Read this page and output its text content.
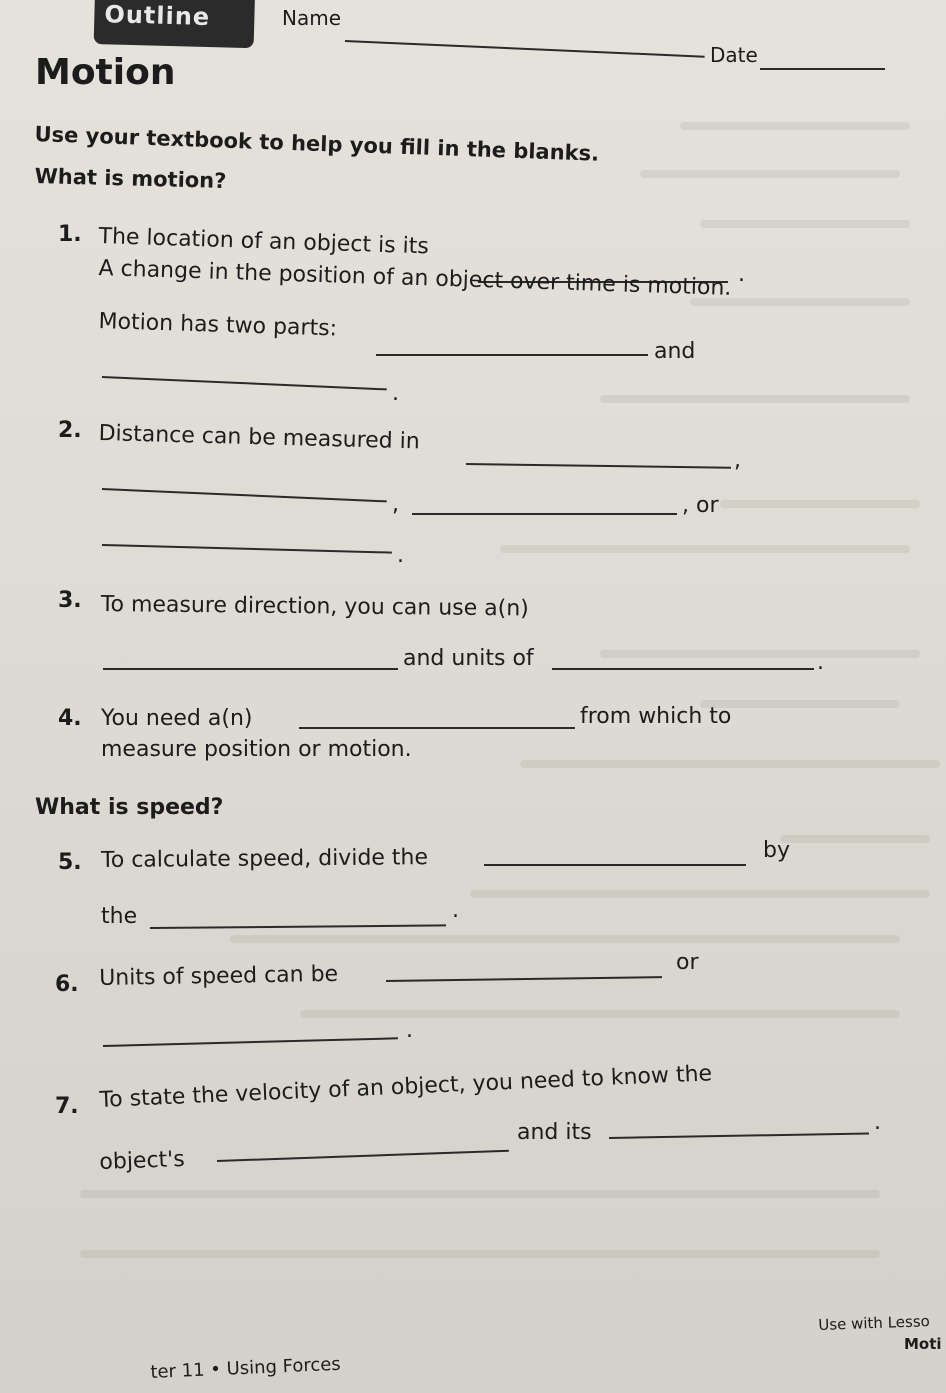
Outline	Name
Date
Motion
Use your textbook to help you fill in the blanks.
What is motion?
1. The location of an object is its
.
A change in the position of an object over time is motion.
Motion has two parts:
and
.
2. Distance can be measured in
,
,	, or
.
3. To measure direction, you can use a(n)
and units of	.
4. You need a(n)	from which to
measure position or motion.
What is speed?
5. To calculate speed, divide the	by
the	.
6. Units of speed can be	or
.
7. To state the velocity of an object, you need to know the
object's
and its	.
Use with Lesso
Moti
ter 11 • Using Forces
